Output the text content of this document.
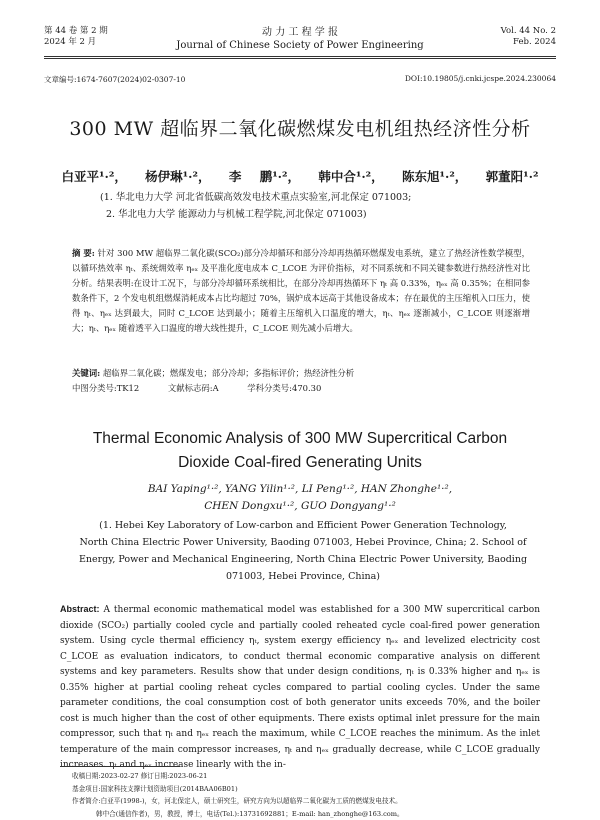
第 44 卷 第 2 期
2024 年 2 月
动 力 工 程 学 报
Journal of Chinese Society of Power Engineering
Vol. 44 No. 2
Feb. 2024
文章编号:1674-7607(2024)02-0307-10	DOI:10.19805/j.cnki.jcspe.2024.230064
300 MW 超临界二氧化碳燃煤发电机组热经济性分析
白亚平¹·²， 杨伊琳¹·²， 李 鹏¹·²， 韩中合¹·²， 陈东旭¹·²， 郭董阳¹·²
(1. 华北电力大学 河北省低碳高效发电技术重点实验室,河北保定 071003;
2. 华北电力大学 能源动力与机械工程学院,河北保定 071003)
摘 要: 针对 300 MW 超临界二氧化碳(SCO₂)部分冷却循环和部分冷却再热循环燃煤发电系统，建立了热经济性数学模型，以循环热效率 ηₜ、系统㶲效率 ηₑₓ 及平准化度电成本 C_LCOE 为评价指标，对不同系统和不同关键参数进行热经济性对比分析。结果表明:在设计工况下，与部分冷却循环系统相比，在部分冷却再热循环下 ηₜ 高 0.33%，ηₑₓ 高 0.35%；在相同参数条件下，2 个发电机组燃煤消耗成本占比均超过 70%，锅炉成本远高于其他设备成本；存在最优的主压缩机入口压力，使得 ηₜ、ηₑₓ 达到最大，同时 C_LCOE 达到最小；随着主压缩机入口温度的增大，ηₜ、ηₑₓ 逐渐减小，C_LCOE 则逐渐增大；ηₜ、ηₑₓ 随着透平入口温度的增大线性提升，C_LCOE 则先减小后增大。
关键词: 超临界二氧化碳；燃煤发电；部分冷却；多指标评价；热经济性分析
中图分类号:TK12	文献标志码:A	学科分类号:470.30
Thermal Economic Analysis of 300 MW Supercritical Carbon
Dioxide Coal-fired Generating Units
BAI Yaping¹·², YANG Yilin¹·², LI Peng¹·², HAN Zhonghe¹·²,
CHEN Dongxu¹·², GUO Dongyang¹·²
(1. Hebei Key Laboratory of Low-carbon and Efficient Power Generation Technology,
North China Electric Power University, Baoding 071003, Hebei Province, China; 2. School of
Energy, Power and Mechanical Engineering, North China Electric Power University, Baoding
071003, Hebei Province, China)
Abstract: A thermal economic mathematical model was established for a 300 MW supercritical carbon dioxide (SCO₂) partially cooled cycle and partially cooled reheated cycle coal-fired power generation system. Using cycle thermal efficiency ηₜ, system exergy efficiency ηₑₓ and levelized electricity cost C_LCOE as evaluation indicators, to conduct thermal economic comparative analysis on different systems and key parameters. Results show that under design conditions, ηₜ is 0.33% higher and ηₑₓ is 0.35% higher at partial cooling reheat cycles compared to partial cooling cycles. Under the same parameter conditions, the coal consumption cost of both generator units exceeds 70%, and the boiler cost is much higher than the cost of other equipments. There exists optimal inlet pressure for the main compressor, such that ηₜ and ηₑₓ reach the maximum, while C_LCOE reaches the minimum. As the inlet temperature of the main compressor increases, ηₜ and ηₑₓ gradually decrease, while C_LCOE gradually increases. ηₜ and ηₑₓ increase linearly with the in-
收稿日期:2023-02-27 修订日期:2023-06-21
基金项目:国家科技支撑计划资助项目(2014BAA06B01)
作者简介:白亚平(1998-)，女，河北保定人，硕士研究生，研究方向为以超临界二氧化碳为工质的燃煤发电技术。
韩中合(通信作者)，男，教授，博士，电话(Tel.):13731692881；E-mail: han_zhonghe@163.com。
